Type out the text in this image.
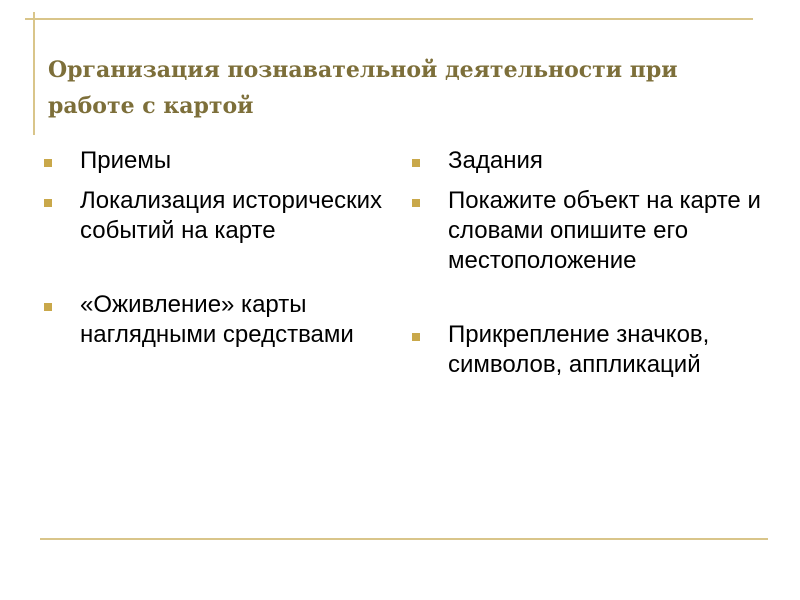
Организация познавательной деятельности при работе с картой
Приемы
Локализация исторических событий на карте
«Оживление» карты наглядными средствами
Задания
Покажите объект на карте и словами опишите его местоположение
Прикрепление значков, символов, аппликаций
